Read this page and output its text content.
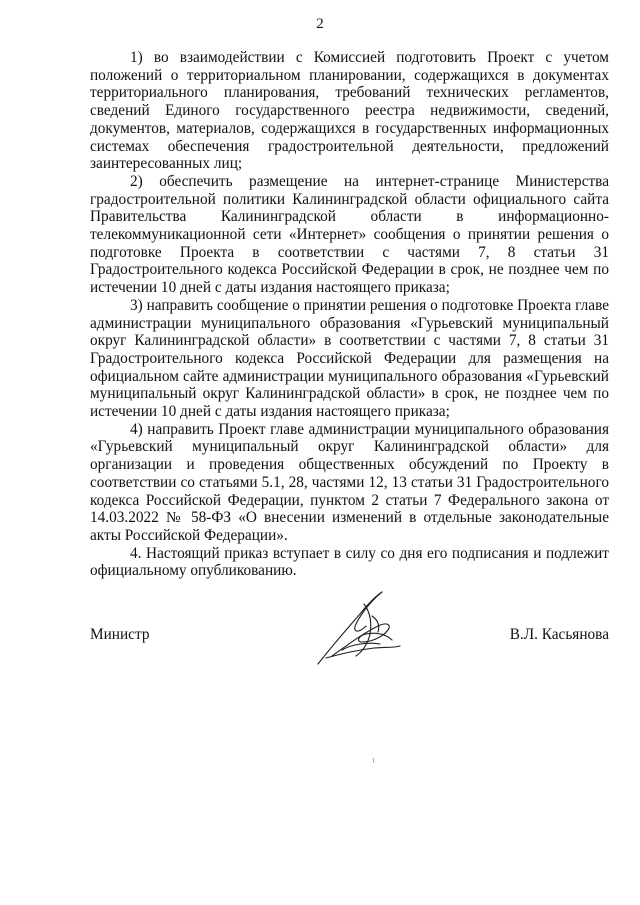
2

1) во взаимодействии с Комиссией подготовить Проект с учетом положений о территориальном планировании, содержащихся в документах территориального планирования, требований технических регламентов, сведений Единого государственного реестра недвижимости, сведений, документов, материалов, содержащихся в государственных информационных системах обеспечения градостроительной деятельности, предложений заинтересованных лиц;

2) обеспечить размещение на интернет-странице Министерства градостроительной политики Калининградской области официального сайта Правительства Калининградской области в информационно-телекоммуникационной сети «Интернет» сообщения о принятии решения о подготовке Проекта в соответствии с частями 7, 8 статьи 31 Градостроительного кодекса Российской Федерации в срок, не позднее чем по истечении 10 дней с даты издания настоящего приказа;

3) направить сообщение о принятии решения о подготовке Проекта главе администрации муниципального образования «Гурьевский муниципальный округ Калининградской области» в соответствии с частями 7, 8 статьи 31 Градостроительного кодекса Российской Федерации для размещения на официальном сайте администрации муниципального образования «Гурьевский муниципальный округ Калининградской области» в срок, не позднее чем по истечении 10 дней с даты издания настоящего приказа;

4) направить Проект главе администрации муниципального образования «Гурьевский муниципальный округ Калининградской области» для организации и проведения общественных обсуждений по Проекту в соответствии со статьями 5.1, 28, частями 12, 13 статьи 31 Градостроительного кодекса Российской Федерации, пунктом 2 статьи 7 Федерального закона от 14.03.2022 № 58-ФЗ «О внесении изменений в отдельные законодательные акты Российской Федерации».

4. Настоящий приказ вступает в силу со дня его подписания и подлежит официальному опубликованию.

Министр	В.Л. Касьянова
